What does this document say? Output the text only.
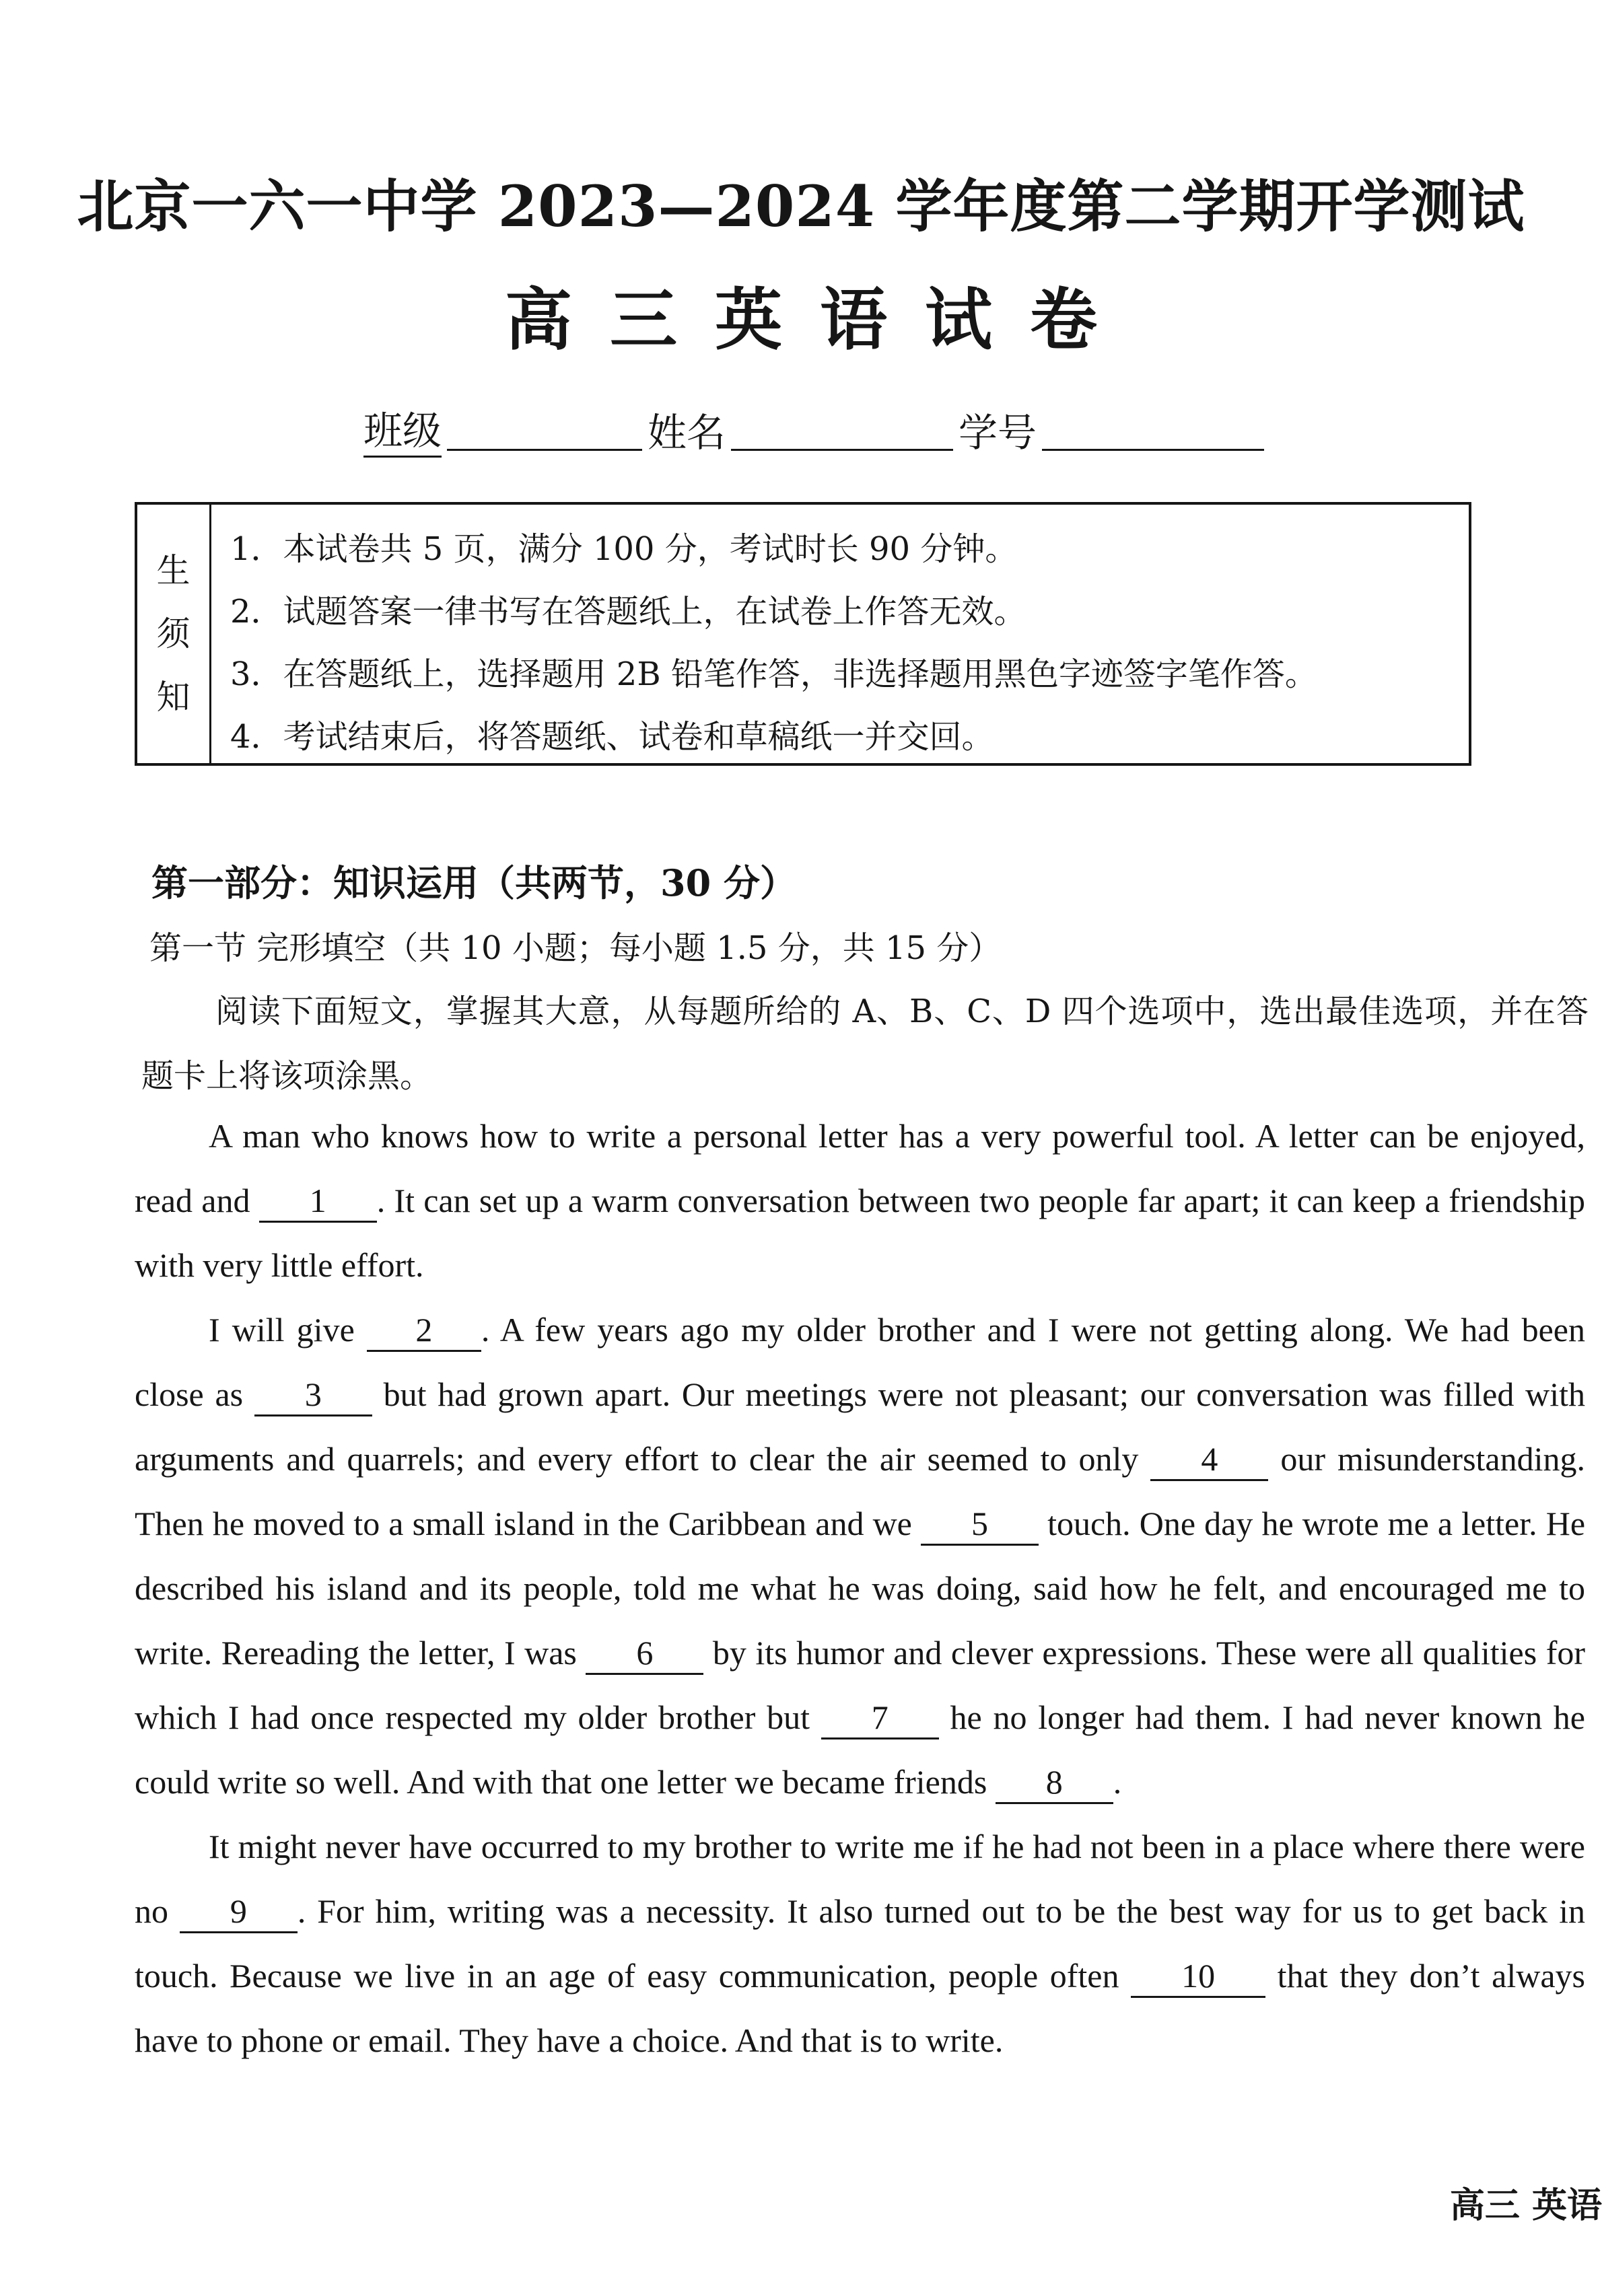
北京一六一中学 2023—2024 学年度第二学期开学测试
高三英语试卷
班级	姓名	学号
生
须
知
1．本试卷共 5 页，满分 100 分，考试时长 90 分钟。
2．试题答案一律书写在答题纸上，在试卷上作答无效。
3．在答题纸上，选择题用 2B 铅笔作答，非选择题用黑色字迹签字笔作答。
4．考试结束后，将答题纸、试卷和草稿纸一并交回。
第一部分：知识运用（共两节，30 分）
第一节 完形填空（共 10 小题；每小题 1.5 分，共 15 分）
阅读下面短文，掌握其大意，从每题所给的 A、B、C、D 四个选项中，选出最佳选项，并在答题卡上将该项涂黑。

A man who knows how to write a personal letter has a very powerful tool. A letter can be enjoyed, read and 1 . It can set up a warm conversation between two people far apart; it can keep a friendship with very little effort.

I will give 2 . A few years ago my older brother and I were not getting along. We had been close as 3 but had grown apart. Our meetings were not pleasant; our conversation was filled with arguments and quarrels; and every effort to clear the air seemed to only 4 our misunderstanding. Then he moved to a small island in the Caribbean and we 5 touch. One day he wrote me a letter. He described his island and its people, told me what he was doing, said how he felt, and encouraged me to write. Rereading the letter, I was 6 by its humor and clever expressions. These were all qualities for which I had once respected my older brother but 7 he no longer had them. I had never known he could write so well. And with that one letter we became friends 8 .

It might never have occurred to my brother to write me if he had not been in a place where there were no 9 . For him, writing was a necessity. It also turned out to be the best way for us to get back in touch. Because we live in an age of easy communication, people often 10 that they don’t always have to phone or email. They have a choice. And that is to write.

高三 英语
